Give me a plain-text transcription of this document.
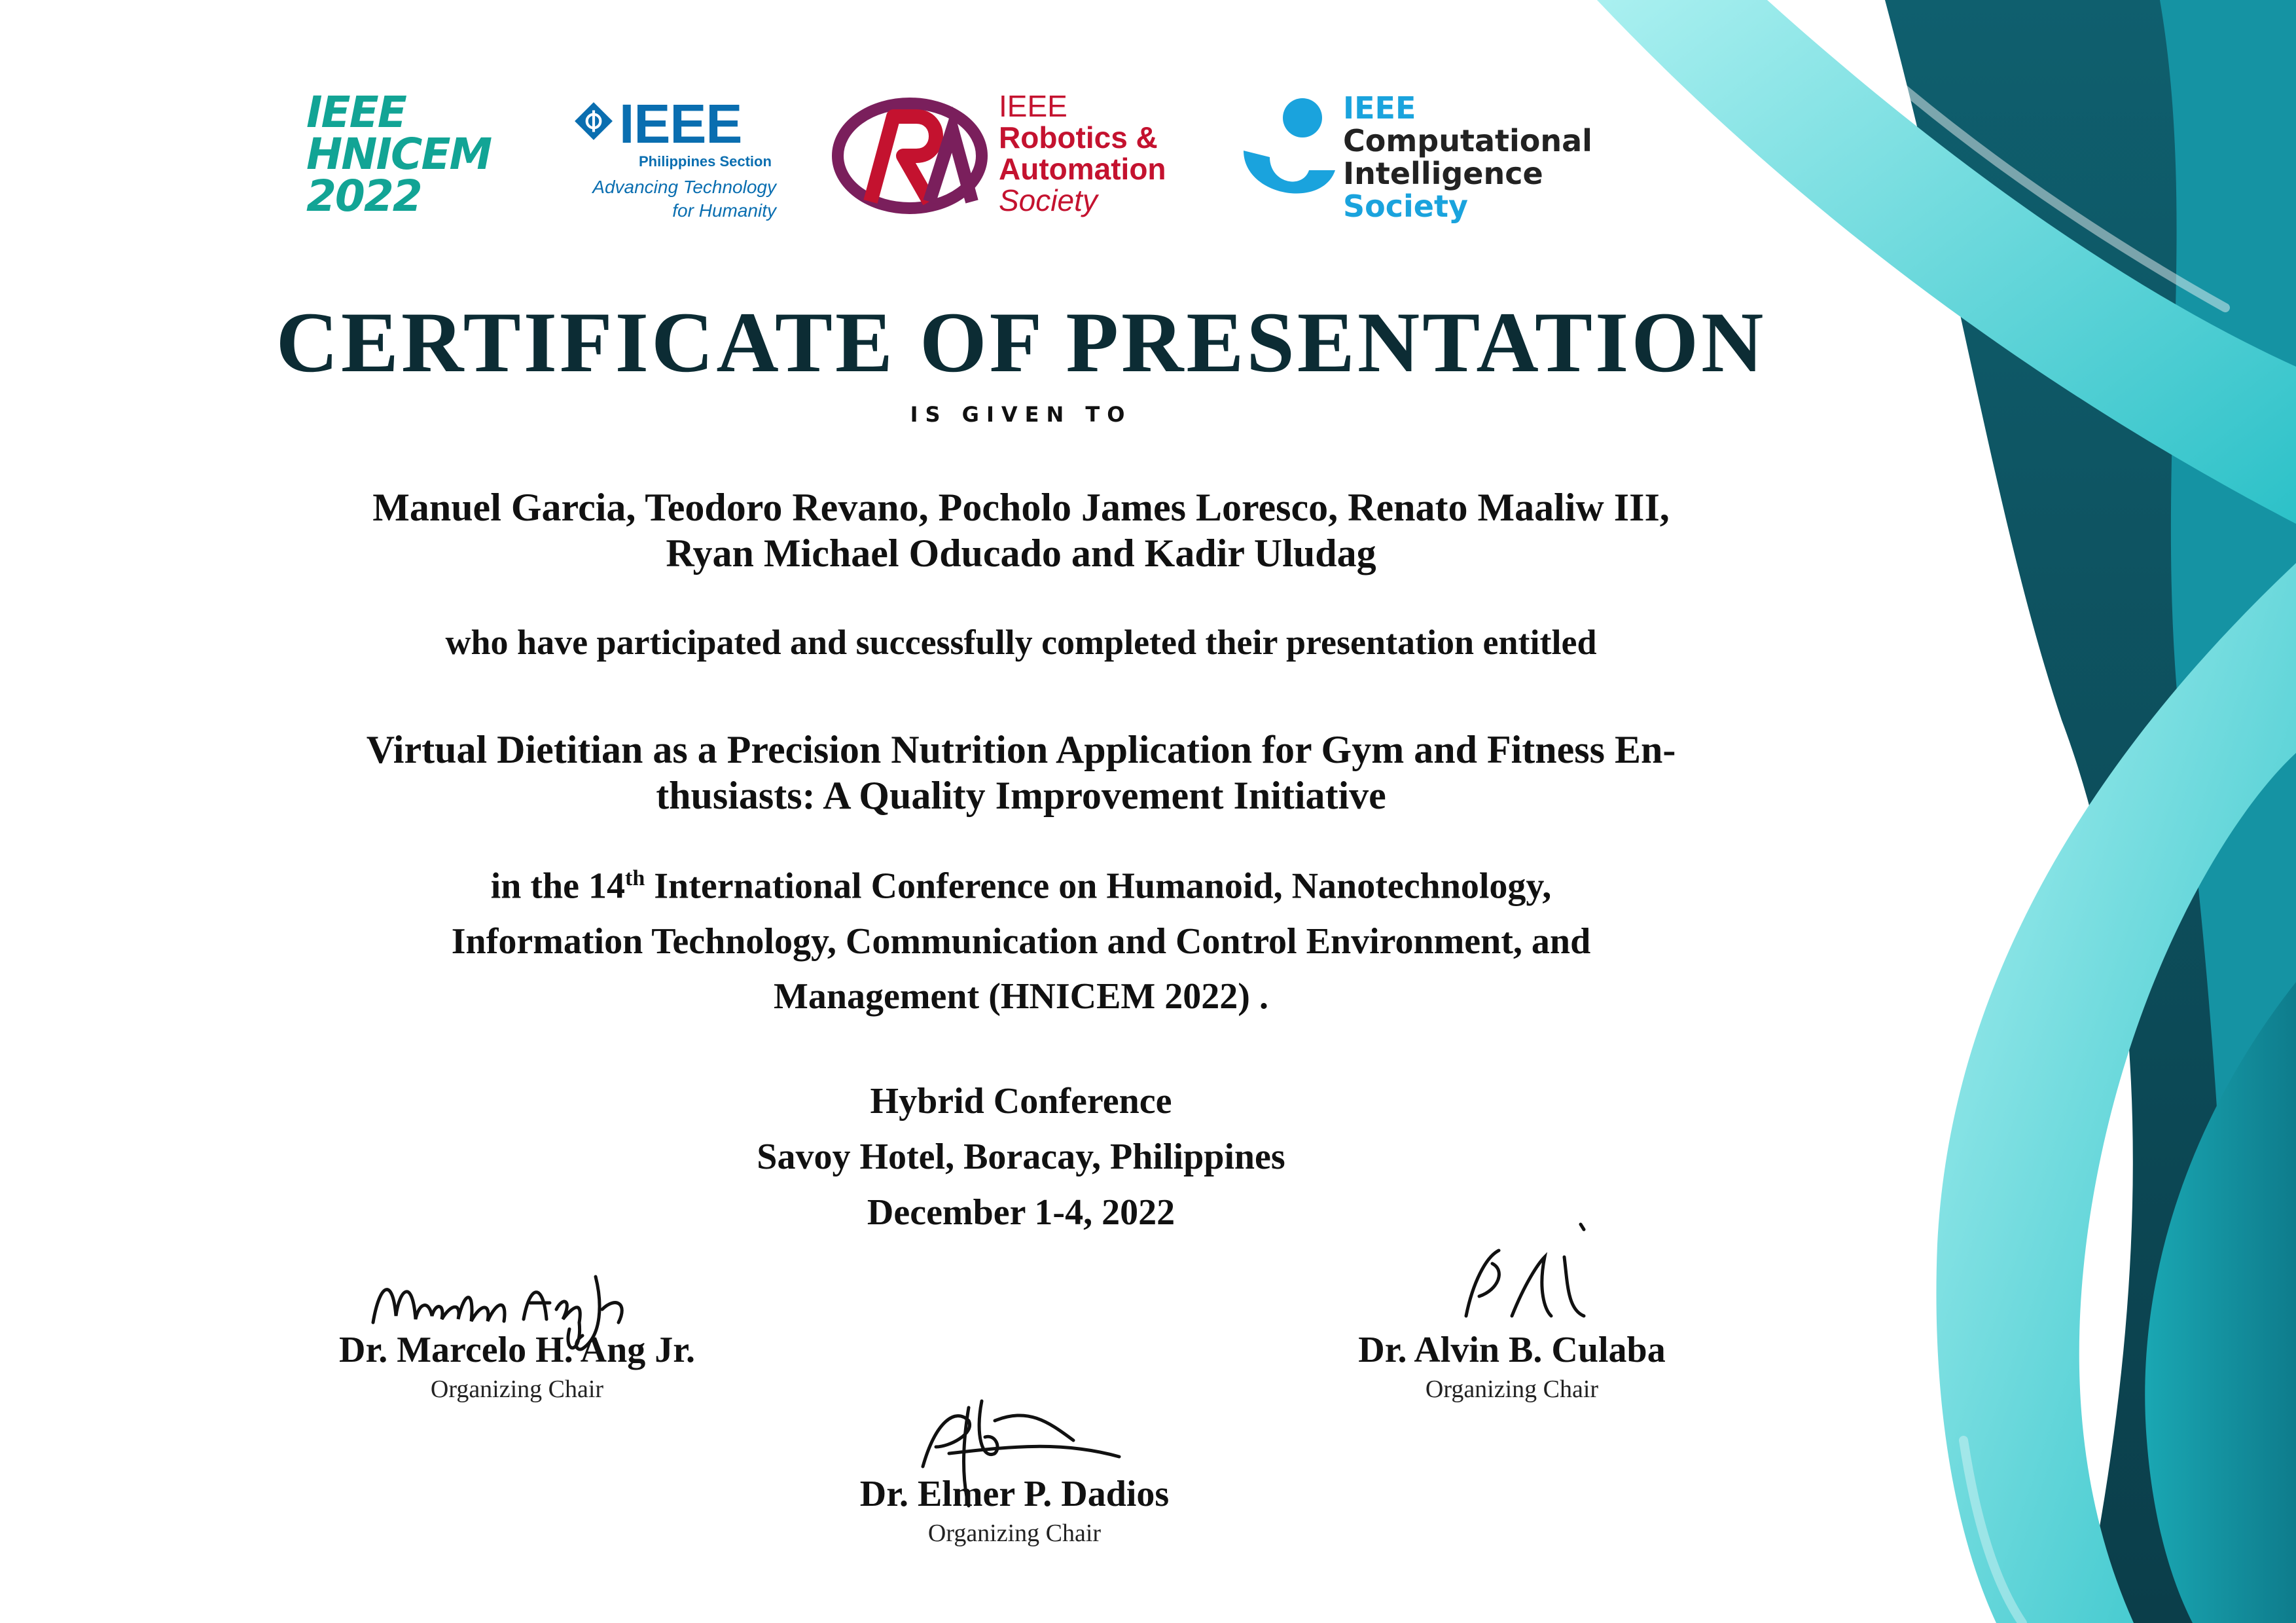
IEEE
HNICEM
2022
IEEE
Philippines Section
Advancing Technology
for Humanity
IEEE
Robotics &
Automation
Society
IEEE
Computational
Intelligence
Society
CERTIFICATE OF PRESENTATION
IS GIVEN TO
Manuel Garcia, Teodoro Revano, Pocholo James Loresco, Renato Maaliw III,
Ryan Michael Oducado and Kadir Uludag
who have participated and successfully completed their presentation entitled
Virtual Dietitian as a Precision Nutrition Application for Gym and Fitness En-
thusiasts: A Quality Improvement Initiative
in the 14th International Conference on Humanoid, Nanotechnology,
Information Technology, Communication and Control Environment, and
Management (HNICEM 2022) .
Hybrid Conference
Savoy Hotel, Boracay, Philippines
December 1-4, 2022
Dr. Marcelo H. Ang Jr.
Organizing Chair
Dr. Alvin B. Culaba
Organizing Chair
Dr. Elmer P. Dadios
Organizing Chair
